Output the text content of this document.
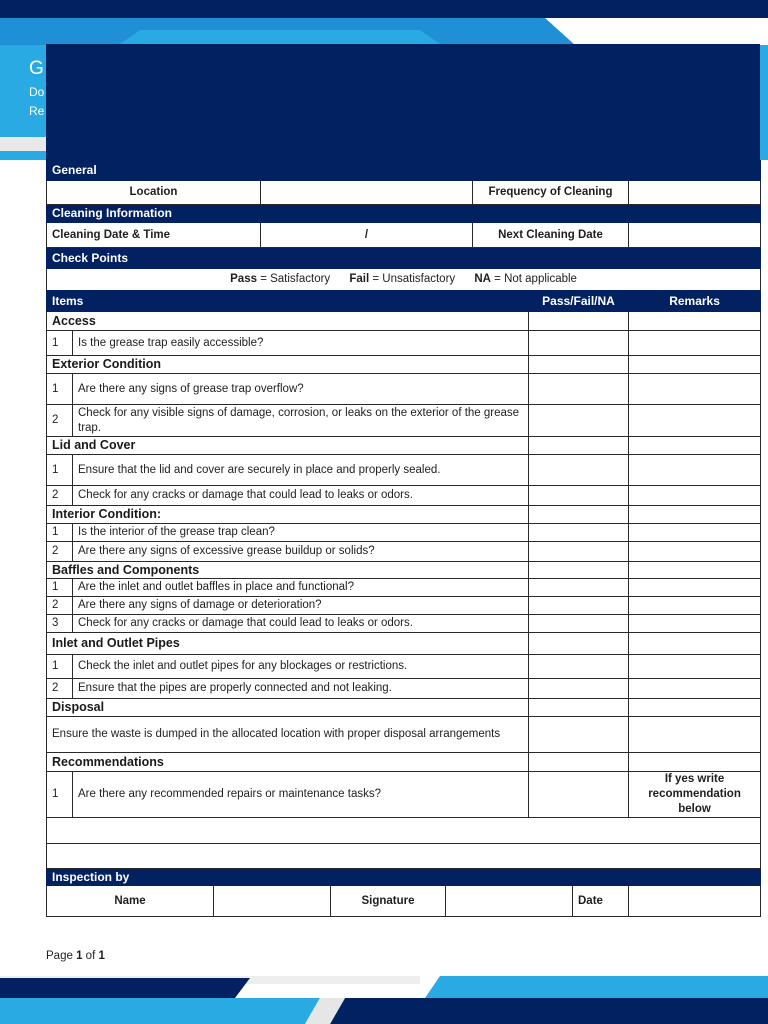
G
Do
Re
General									
Location						Frequency of Cleaning			
Cleaning Information									
Cleaning Date & Time			/			Next Cleaning Date			
Check Points									
Pass = Satisfactory Fail = Unsatisfactory NA = Not applicable									
Items							Pass/Fail/NA		Remarks
Access									
1	Is the grease trap easily accessible?								
Exterior Condition									
1	Are there any signs of grease trap overflow?								
2	Check for any visible signs of damage, corrosion, or leaks on the exterior of the grease trap.								
Lid and Cover									
1	Ensure that the lid and cover are securely in place and properly sealed.								
2	Check for any cracks or damage that could lead to leaks or odors.								
Interior Condition:									
1	Is the interior of the grease trap clean?								
2	Are there any signs of excessive grease buildup or solids?								
Baffles and Components									
1	Are the inlet and outlet baffles in place and functional?								
2	Are there any signs of damage or deterioration?								
3	Check for any cracks or damage that could lead to leaks or odors.								
Inlet and Outlet Pipes									
1	Check the inlet and outlet pipes for any blockages or restrictions.								
2	Ensure that the pipes are properly connected and not leaking.								
Disposal									
Ensure the waste is dumped in the allocated location with proper disposal arrangements									
Recommendations									
1	Are there any recommended repairs or maintenance tasks?								If yes write recommendation below

Inspection by									
Name				Signature				Date	
Page 1 of 1
